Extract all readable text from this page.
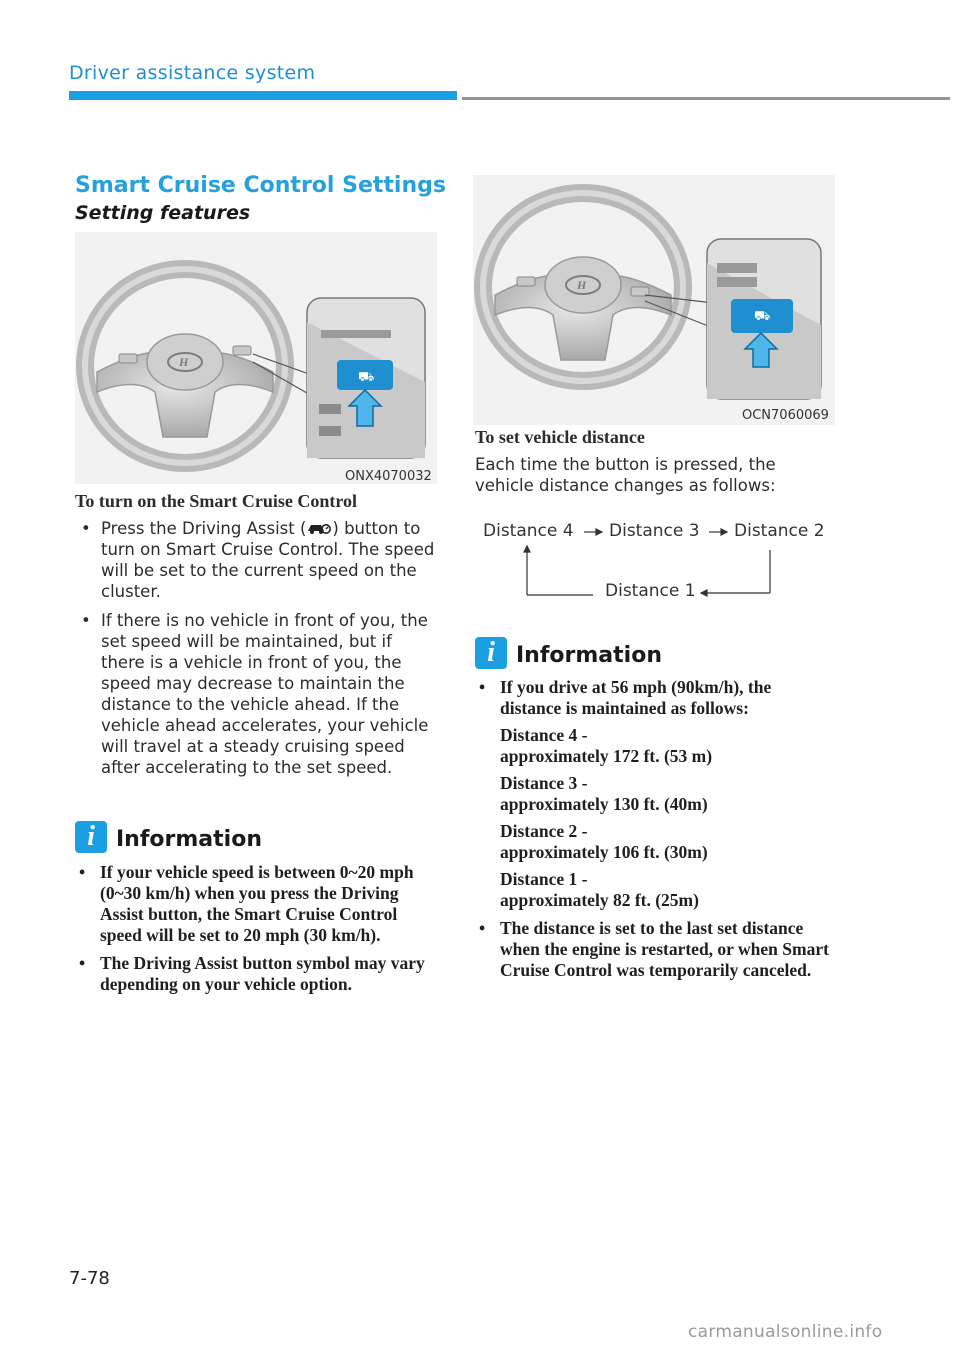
Driver assistance system
Smart Cruise Control Settings
Setting features
H
⛟
ONX4070032
H
⛟
OCN7060069
To turn on the Smart Cruise Control
• Press the Driving Assist ( ) button to turn on Smart Cruise Control. The speed will be set to the current speed on the cluster.
• If there is no vehicle in front of you, the set speed will be maintained, but if there is a vehicle in front of you, the speed may decrease to maintain the distance to the vehicle ahead. If the vehicle ahead accelerates, your vehicle will travel at a steady cruising speed after accelerating to the set speed.
i Information
• If your vehicle speed is between 0~20 mph (0~30 km/h) when you press the Driving Assist button, the Smart Cruise Control speed will be set to 20 mph (30 km/h).
• The Driving Assist button symbol may vary depending on your vehicle option.
To set vehicle distance
Each time the button is pressed, the vehicle distance changes as follows:
Distance 4 Distance 3 Distance 2
Distance 1
i Information
• If you drive at 56 mph (90km/h), the distance is maintained as follows:
Distance 4 -
approximately 172 ft. (53 m)
Distance 3 -
approximately 130 ft. (40m)
Distance 2 -
approximately 106 ft. (30m)
Distance 1 -
approximately 82 ft. (25m)
• The distance is set to the last set distance when the engine is restarted, or when Smart Cruise Control was temporarily canceled.
7-78
carmanualsonline.info
